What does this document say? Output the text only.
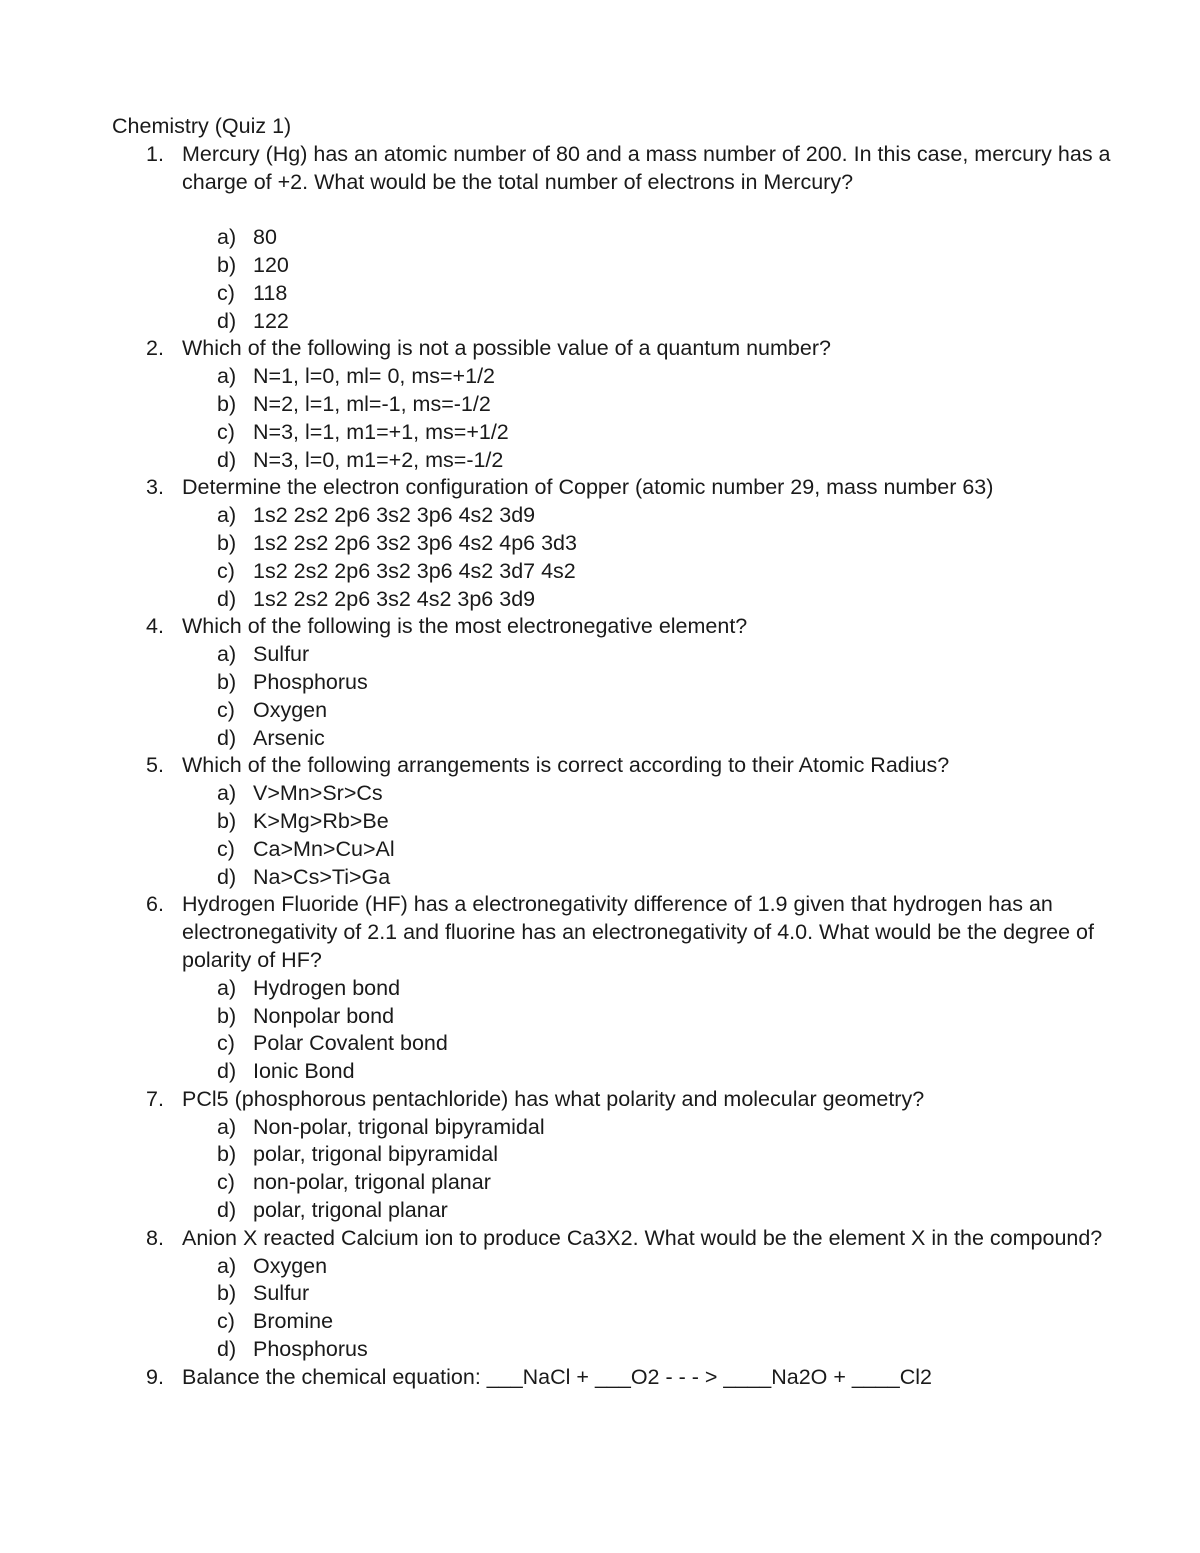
Chemistry (Quiz 1)
1. Mercury (Hg) has an atomic number of 80 and a mass number of 200. In this case, mercury has a charge of +2. What would be the total number of electrons in Mercury?
a) 80
b) 120
c) 118
d) 122
2. Which of the following is not a possible value of a quantum number?
a) N=1, l=0, ml= 0, ms=+1/2
b) N=2, l=1, ml=-1, ms=-1/2
c) N=3, l=1, m1=+1, ms=+1/2
d) N=3, l=0, m1=+2, ms=-1/2
3. Determine the electron configuration of Copper (atomic number 29, mass number 63)
a) 1s2 2s2 2p6 3s2 3p6 4s2 3d9
b) 1s2 2s2 2p6 3s2 3p6 4s2 4p6 3d3
c) 1s2 2s2 2p6 3s2 3p6 4s2 3d7 4s2
d) 1s2 2s2 2p6 3s2 4s2 3p6 3d9
4. Which of the following is the most electronegative element?
a) Sulfur
b) Phosphorus
c) Oxygen
d) Arsenic
5. Which of the following arrangements is correct according to their Atomic Radius?
a) V>Mn>Sr>Cs
b) K>Mg>Rb>Be
c) Ca>Mn>Cu>Al
d) Na>Cs>Ti>Ga
6. Hydrogen Fluoride (HF) has a electronegativity difference of 1.9 given that hydrogen has an electronegativity of 2.1 and fluorine has an electronegativity of 4.0. What would be the degree of polarity of HF?
a) Hydrogen bond
b) Nonpolar bond
c) Polar Covalent bond
d) Ionic Bond
7. PCl5 (phosphorous pentachloride) has what polarity and molecular geometry?
a) Non-polar, trigonal bipyramidal
b) polar, trigonal bipyramidal
c) non-polar, trigonal planar
d) polar, trigonal planar
8. Anion X reacted Calcium ion to produce Ca3X2. What would be the element X in the compound?
a) Oxygen
b) Sulfur
c) Bromine
d) Phosphorus
9. Balance the chemical equation: ___NaCl + ___O2 - - - > ____Na2O + ____Cl2
